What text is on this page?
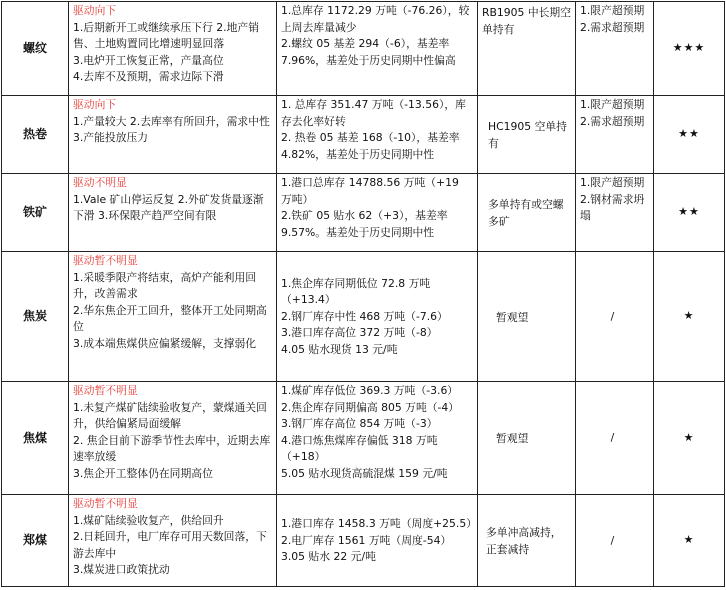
螺纹	驱动向下
1.后期新开工或继续承压下行 2.地产销售、土地购置同比增速明显回落
3.电炉开工恢复正常，产量高位
4.去库不及预期，需求边际下滑	1.总库存 1172.29 万吨（-76.26），较上周去库量减少
2.螺纹 05 基差 294（-6），基差率 7.96%，基差处于历史同期中性偏高	RB1905 中长期空单持有	1.限产超预期
2.需求超预期	★★★
热卷	驱动向下
1.产量较大 2.去库率有所回升，需求中性 3.产能投放压力	1. 总库存 351.47 万吨（-13.56），库存去化率好转
2. 热卷 05 基差 168（-10），基差率 4.82%，基差处于历史同期中性	HC1905 空单持有	1.限产超预期
2.需求超预期	★★
铁矿	驱动不明显
1.Vale 矿山停运反复 2.外矿发货量逐渐下滑 3.环保限产趋严空间有限	1.港口总库存 14788.56 万吨（+19 万吨）
2.铁矿 05 贴水 62（+3），基差率 9.57%。基差处于历史同期中性	多单持有或空螺多矿	1.限产超预期
2.钢材需求坍塌	★★
焦炭	驱动暂不明显
1.采暖季限产将结束，高炉产能利用回升，改善需求
2.华东焦企开工回升，整体开工处同期高位
3.成本端焦煤供应偏紧缓解，支撑弱化	1.焦企库存同期低位 72.8 万吨（+13.4）
2.钢厂库存中性 468 万吨（-7.6）
3.港口库存高位 372 万吨（-8）
4.05 贴水现货 13 元/吨	暂观望	/	★
焦煤	驱动暂不明显
1.未复产煤矿陆续验收复产，蒙煤通关回升，供给偏紧局面缓解
2. 焦企目前下游季节性去库中，近期去库速率放缓
3.焦企开工整体仍在同期高位	1.煤矿库存低位 369.3 万吨（-3.6）
2.焦企库存同期偏高 805 万吨（-4）
3.钢厂库存高位 854 万吨（-3）
4.港口炼焦煤库存偏低 318 万吨（+18）
5.05 贴水现货高硫混煤 159 元/吨	暂观望	/	★
郑煤	驱动暂不明显
1.煤矿陆续验收复产，供给回升
2.日耗回升，电厂库存可用天数回落，下游去库中
3.煤炭进口政策扰动	1.港口库存 1458.3 万吨（周度+25.5）
2.电厂库存 1561 万吨（周度-54）
3.05 贴水 22 元/吨	多单冲高减持，正套减持	/	★
